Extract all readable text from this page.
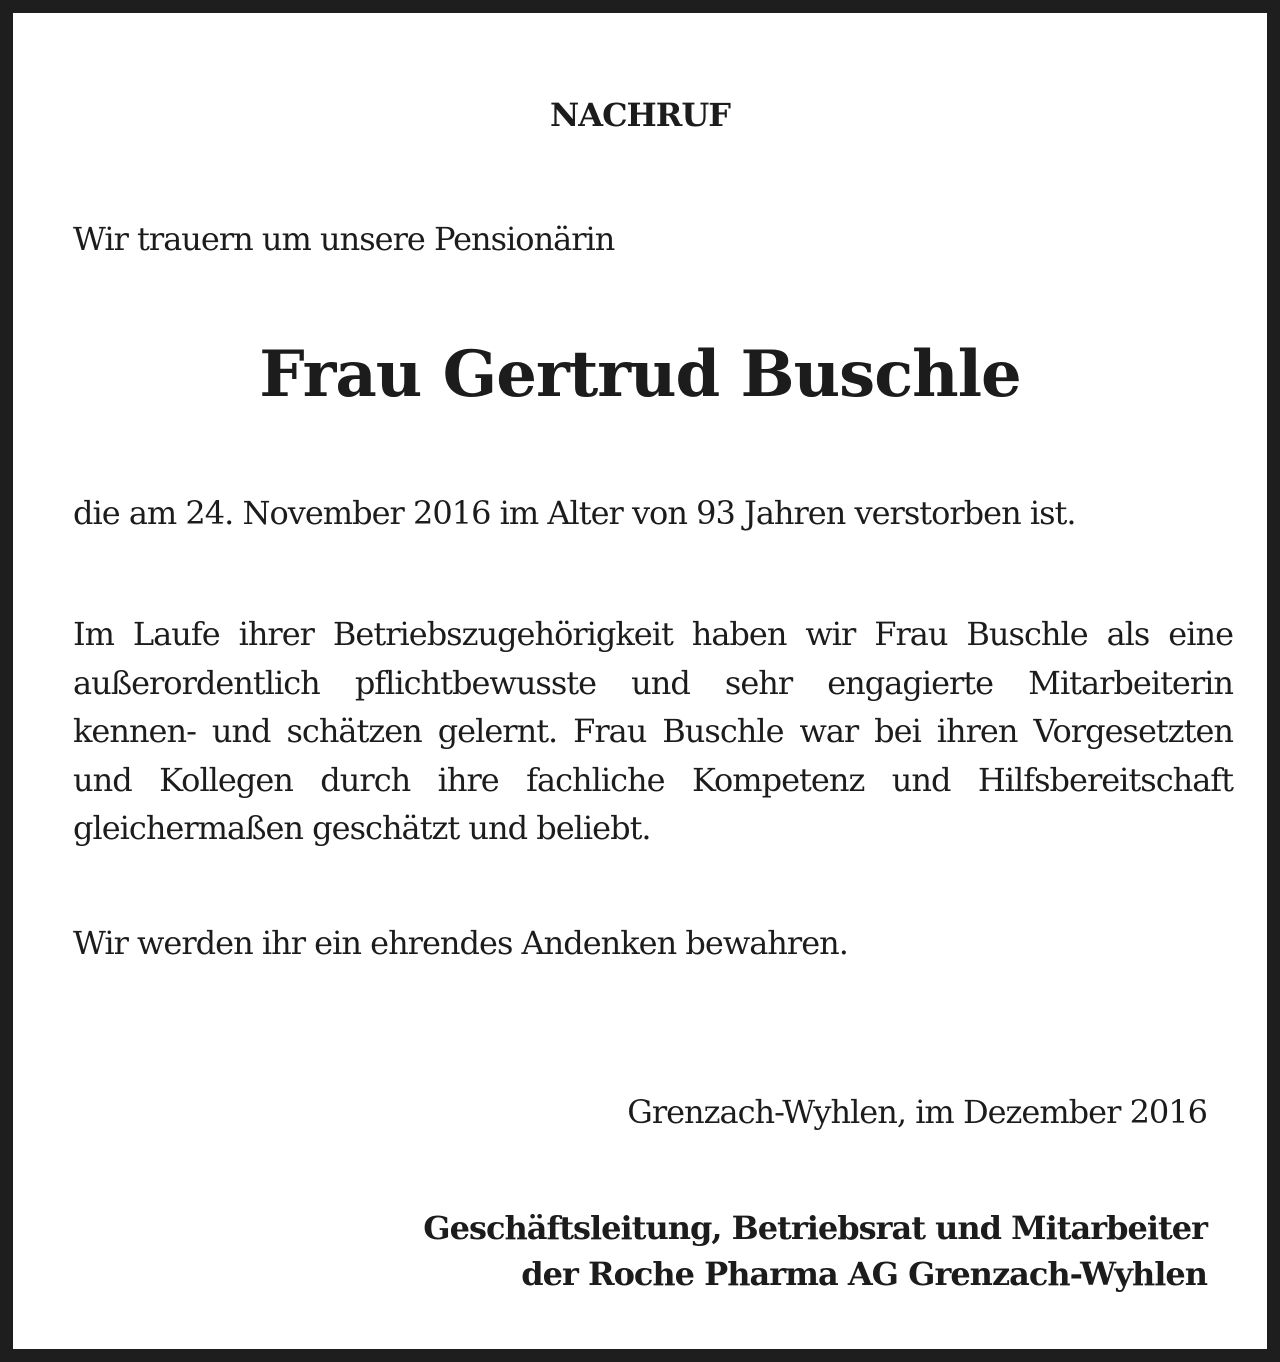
NACHRUF
Wir trauern um unsere Pensionärin
Frau Gertrud Buschle
die am 24. November 2016 im Alter von 93 Jahren verstorben ist.
Im Laufe ihrer Betriebszugehörigkeit haben wir Frau Buschle als eine außerordentlich pflichtbewusste und sehr engagierte Mitarbeiterin kennen- und schätzen gelernt. Frau Buschle war bei ihren Vorgesetzten und Kollegen durch ihre fachliche Kompetenz und Hilfsbereitschaft gleichermaßen geschätzt und beliebt.
Wir werden ihr ein ehrendes Andenken bewahren.
Grenzach-Wyhlen, im Dezember 2016
Geschäftsleitung, Betriebsrat und Mitarbeiter
der Roche Pharma AG Grenzach-Wyhlen
